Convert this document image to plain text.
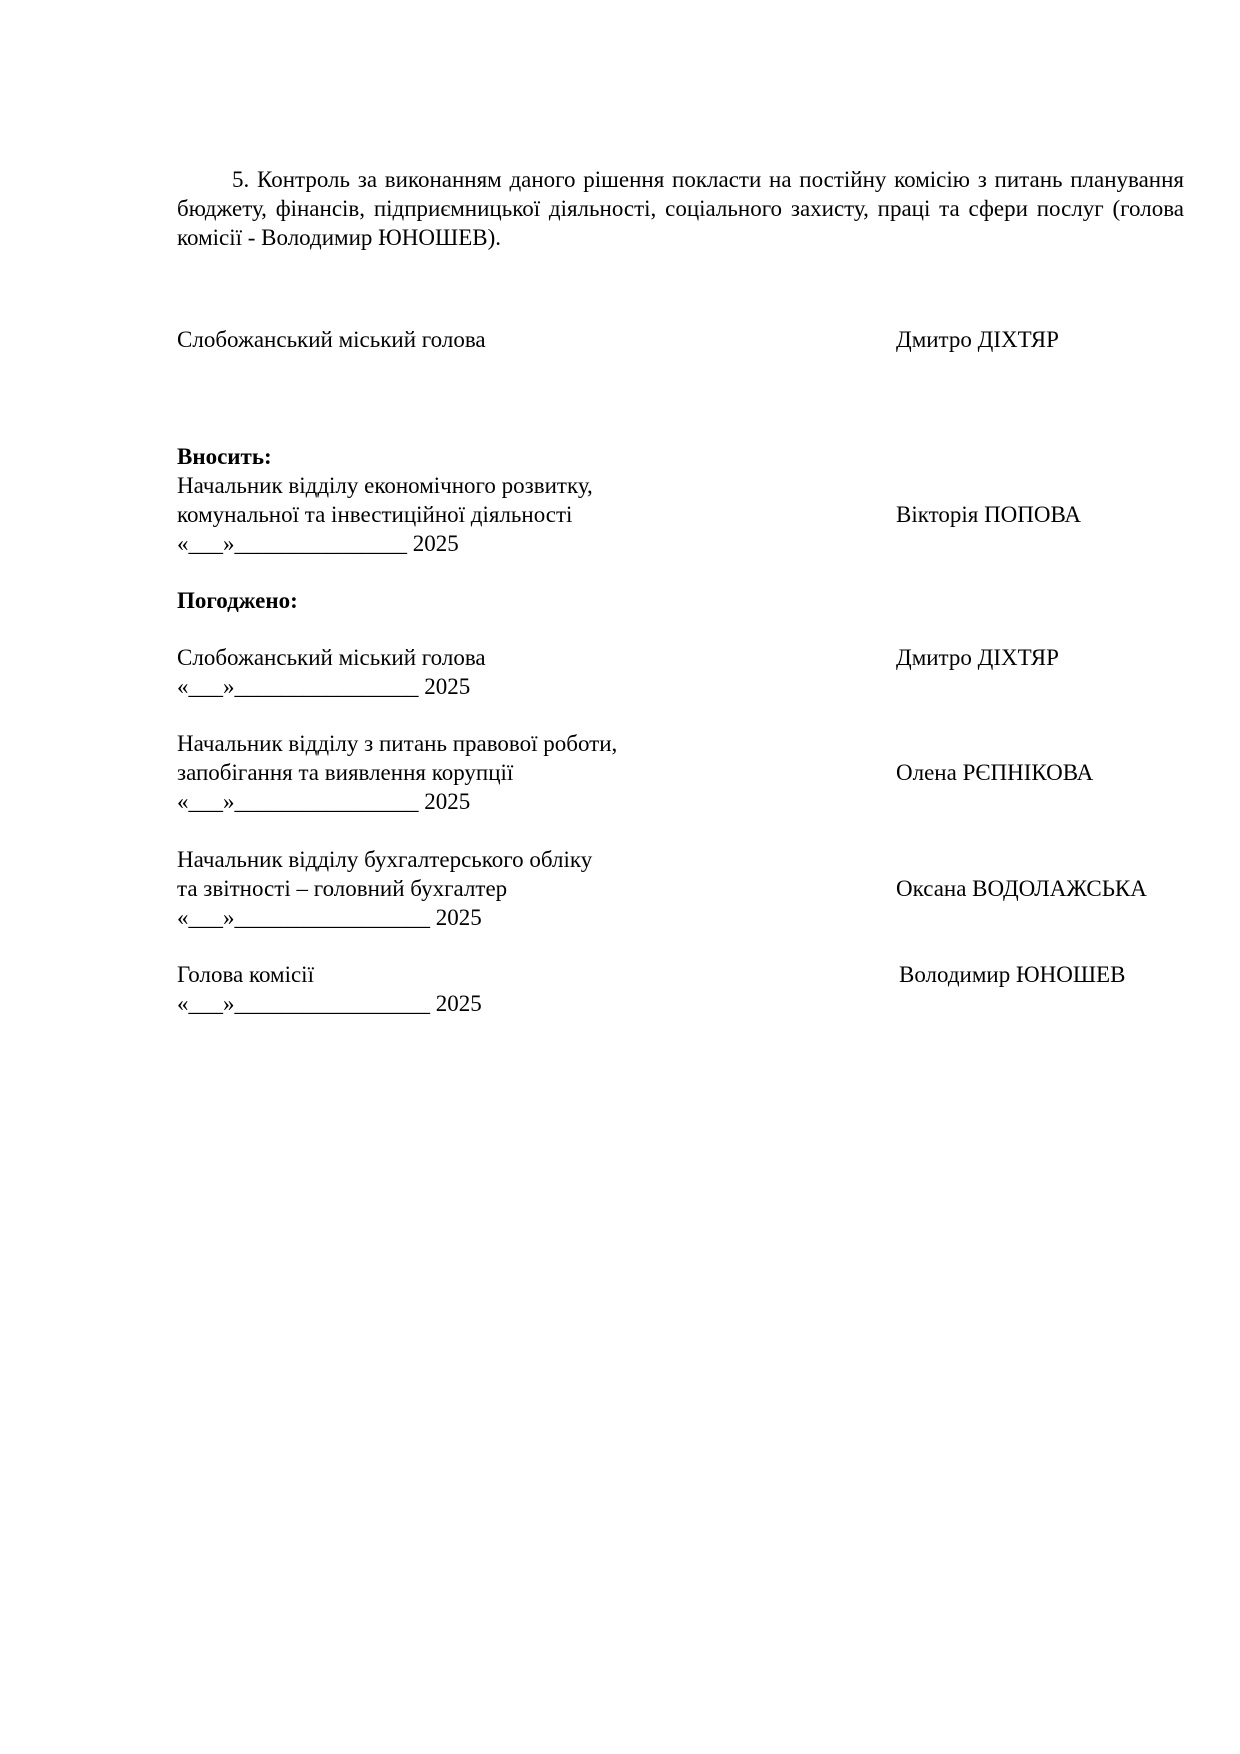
5. Контроль за виконанням даного рішення покласти на постійну комісію з питань планування бюджету, фінансів, підприємницької діяльності, соціального захисту, праці та сфери послуг (голова комісії - Володимир ЮНОШЕВ).

Слобожанський міський голова	Дмитро ДІХТЯР
Вносить:
Начальник відділу економічного розвитку,
комунальної та інвестиційної діяльності	Вікторія ПОПОВА
«___»_______________ 2025
Погоджено:
Слобожанський міський голова	Дмитро ДІХТЯР
«___»________________ 2025
Начальник відділу з питань правової роботи,
запобігання та виявлення корупції	Олена РЄПНІКОВА
«___»________________ 2025
Начальник відділу бухгалтерського обліку
та звітності – головний бухгалтер	Оксана ВОДОЛАЖСЬКА
«___»_________________ 2025
Голова комісії	Володимир ЮНОШЕВ
«___»_________________ 2025
